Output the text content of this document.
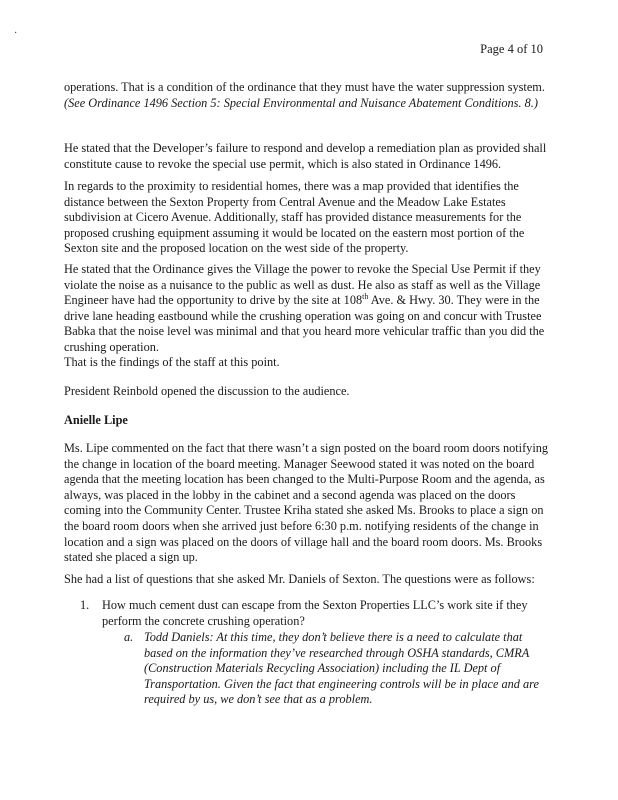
·
Page 4 of 10

operations. That is a condition of the ordinance that they must have the water suppression system. (See Ordinance 1496 Section 5: Special Environmental and Nuisance Abatement Conditions. 8.)

He stated that the Developer’s failure to respond and develop a remediation plan as provided shall constitute cause to revoke the special use permit, which is also stated in Ordinance 1496.

In regards to the proximity to residential homes, there was a map provided that identifies the distance between the Sexton Property from Central Avenue and the Meadow Lake Estates subdivision at Cicero Avenue. Additionally, staff has provided distance measurements for the proposed crushing equipment assuming it would be located on the eastern most portion of the Sexton site and the proposed location on the west side of the property.

He stated that the Ordinance gives the Village the power to revoke the Special Use Permit if they violate the noise as a nuisance to the public as well as dust. He also as staff as well as the Village Engineer have had the opportunity to drive by the site at 108th Ave. & Hwy. 30. They were in the drive lane heading eastbound while the crushing operation was going on and concur with Trustee Babka that the noise level was minimal and that you heard more vehicular traffic than you did the crushing operation.

That is the findings of the staff at this point.

President Reinbold opened the discussion to the audience.

Anielle Lipe

Ms. Lipe commented on the fact that there wasn’t a sign posted on the board room doors notifying the change in location of the board meeting. Manager Seewood stated it was noted on the board agenda that the meeting location has been changed to the Multi-Purpose Room and the agenda, as always, was placed in the lobby in the cabinet and a second agenda was placed on the doors coming into the Community Center. Trustee Kriha stated she asked Ms. Brooks to place a sign on the board room doors when she arrived just before 6:30 p.m. notifying residents of the change in location and a sign was placed on the doors of village hall and the board room doors. Ms. Brooks stated she placed a sign up.

She had a list of questions that she asked Mr. Daniels of Sexton. The questions were as follows:

1. How much cement dust can escape from the Sexton Properties LLC’s work site if they perform the concrete crushing operation?
a. Todd Daniels: At this time, they don’t believe there is a need to calculate that based on the information they’ve researched through OSHA standards, CMRA (Construction Materials Recycling Association) including the IL Dept of Transportation. Given the fact that engineering controls will be in place and are required by us, we don’t see that as a problem.
